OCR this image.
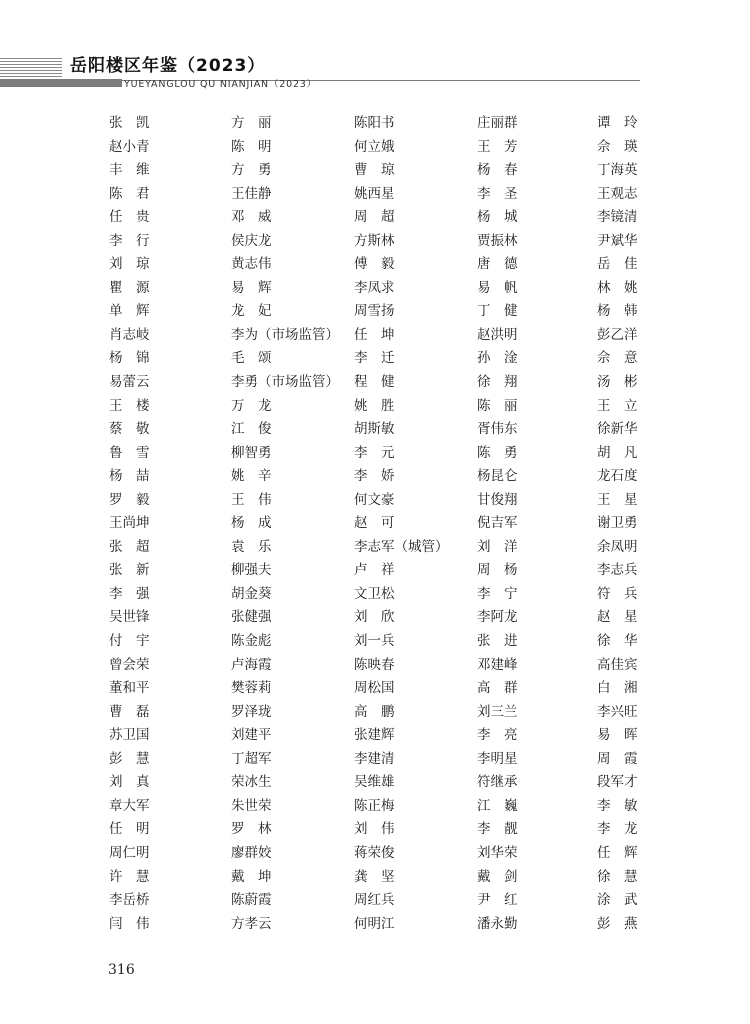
岳阳楼区年鉴（2023）
YUEYANGLOU QU NIANJIAN（2023）
张凯	方丽	陈阳书	庄丽群	谭玲
赵小青	陈明	何立娥	王芳	佘瑛
丰维	方勇	曹琼	杨春	丁海英
陈君	王佳静	姚西星	李圣	王观志
任贵	邓威	周超	杨城	李镜清
李行	侯庆龙	方斯林	贾振林	尹斌华
刘琼	黄志伟	傅毅	唐德	岳佳
瞿源	易辉	李凤求	易帆	林姚
单辉	龙妃	周雪扬	丁健	杨韩
肖志岐	李为（市场监管）	任坤	赵洪明	彭乙洋
杨锦	毛颂	李迁	孙淦	佘意
易蕾云	李勇（市场监管）	程健	徐翔	汤彬
王楼	万龙	姚胜	陈丽	王立
蔡敬	江俊	胡斯敏	胥伟东	徐新华
鲁雪	柳智勇	李元	陈勇	胡凡
杨喆	姚辛	李娇	杨昆仑	龙石度
罗毅	王伟	何文豪	甘俊翔	王星
王尚坤	杨成	赵可	倪吉军	谢卫勇
张超	袁乐	李志军（城管）	刘洋	余凤明
张新	柳强夫	卢祥	周杨	李志兵
李强	胡金葵	文卫松	李宁	符兵
吴世锋	张健强	刘欣	李阿龙	赵星
付宇	陈金彪	刘一兵	张进	徐华
曾会荣	卢海霞	陈映春	邓建峰	高佳宾
董和平	樊蓉莉	周松国	高群	白湘
曹磊	罗泽珑	高鹏	刘三兰	李兴旺
苏卫国	刘建平	张建辉	李亮	易晖
彭慧	丁超军	李建清	李明星	周霞
刘真	荣冰生	吴维雄	符继承	段军才
章大军	朱世荣	陈正梅	江巍	李敏
任明	罗林	刘伟	李靓	李龙
周仁明	廖群姣	蒋荣俊	刘华荣	任辉
许慧	戴坤	龚坚	戴剑	徐慧
李岳桥	陈蔚霞	周红兵	尹红	涂武
闫伟	方孝云	何明江	潘永勤	彭燕
316
